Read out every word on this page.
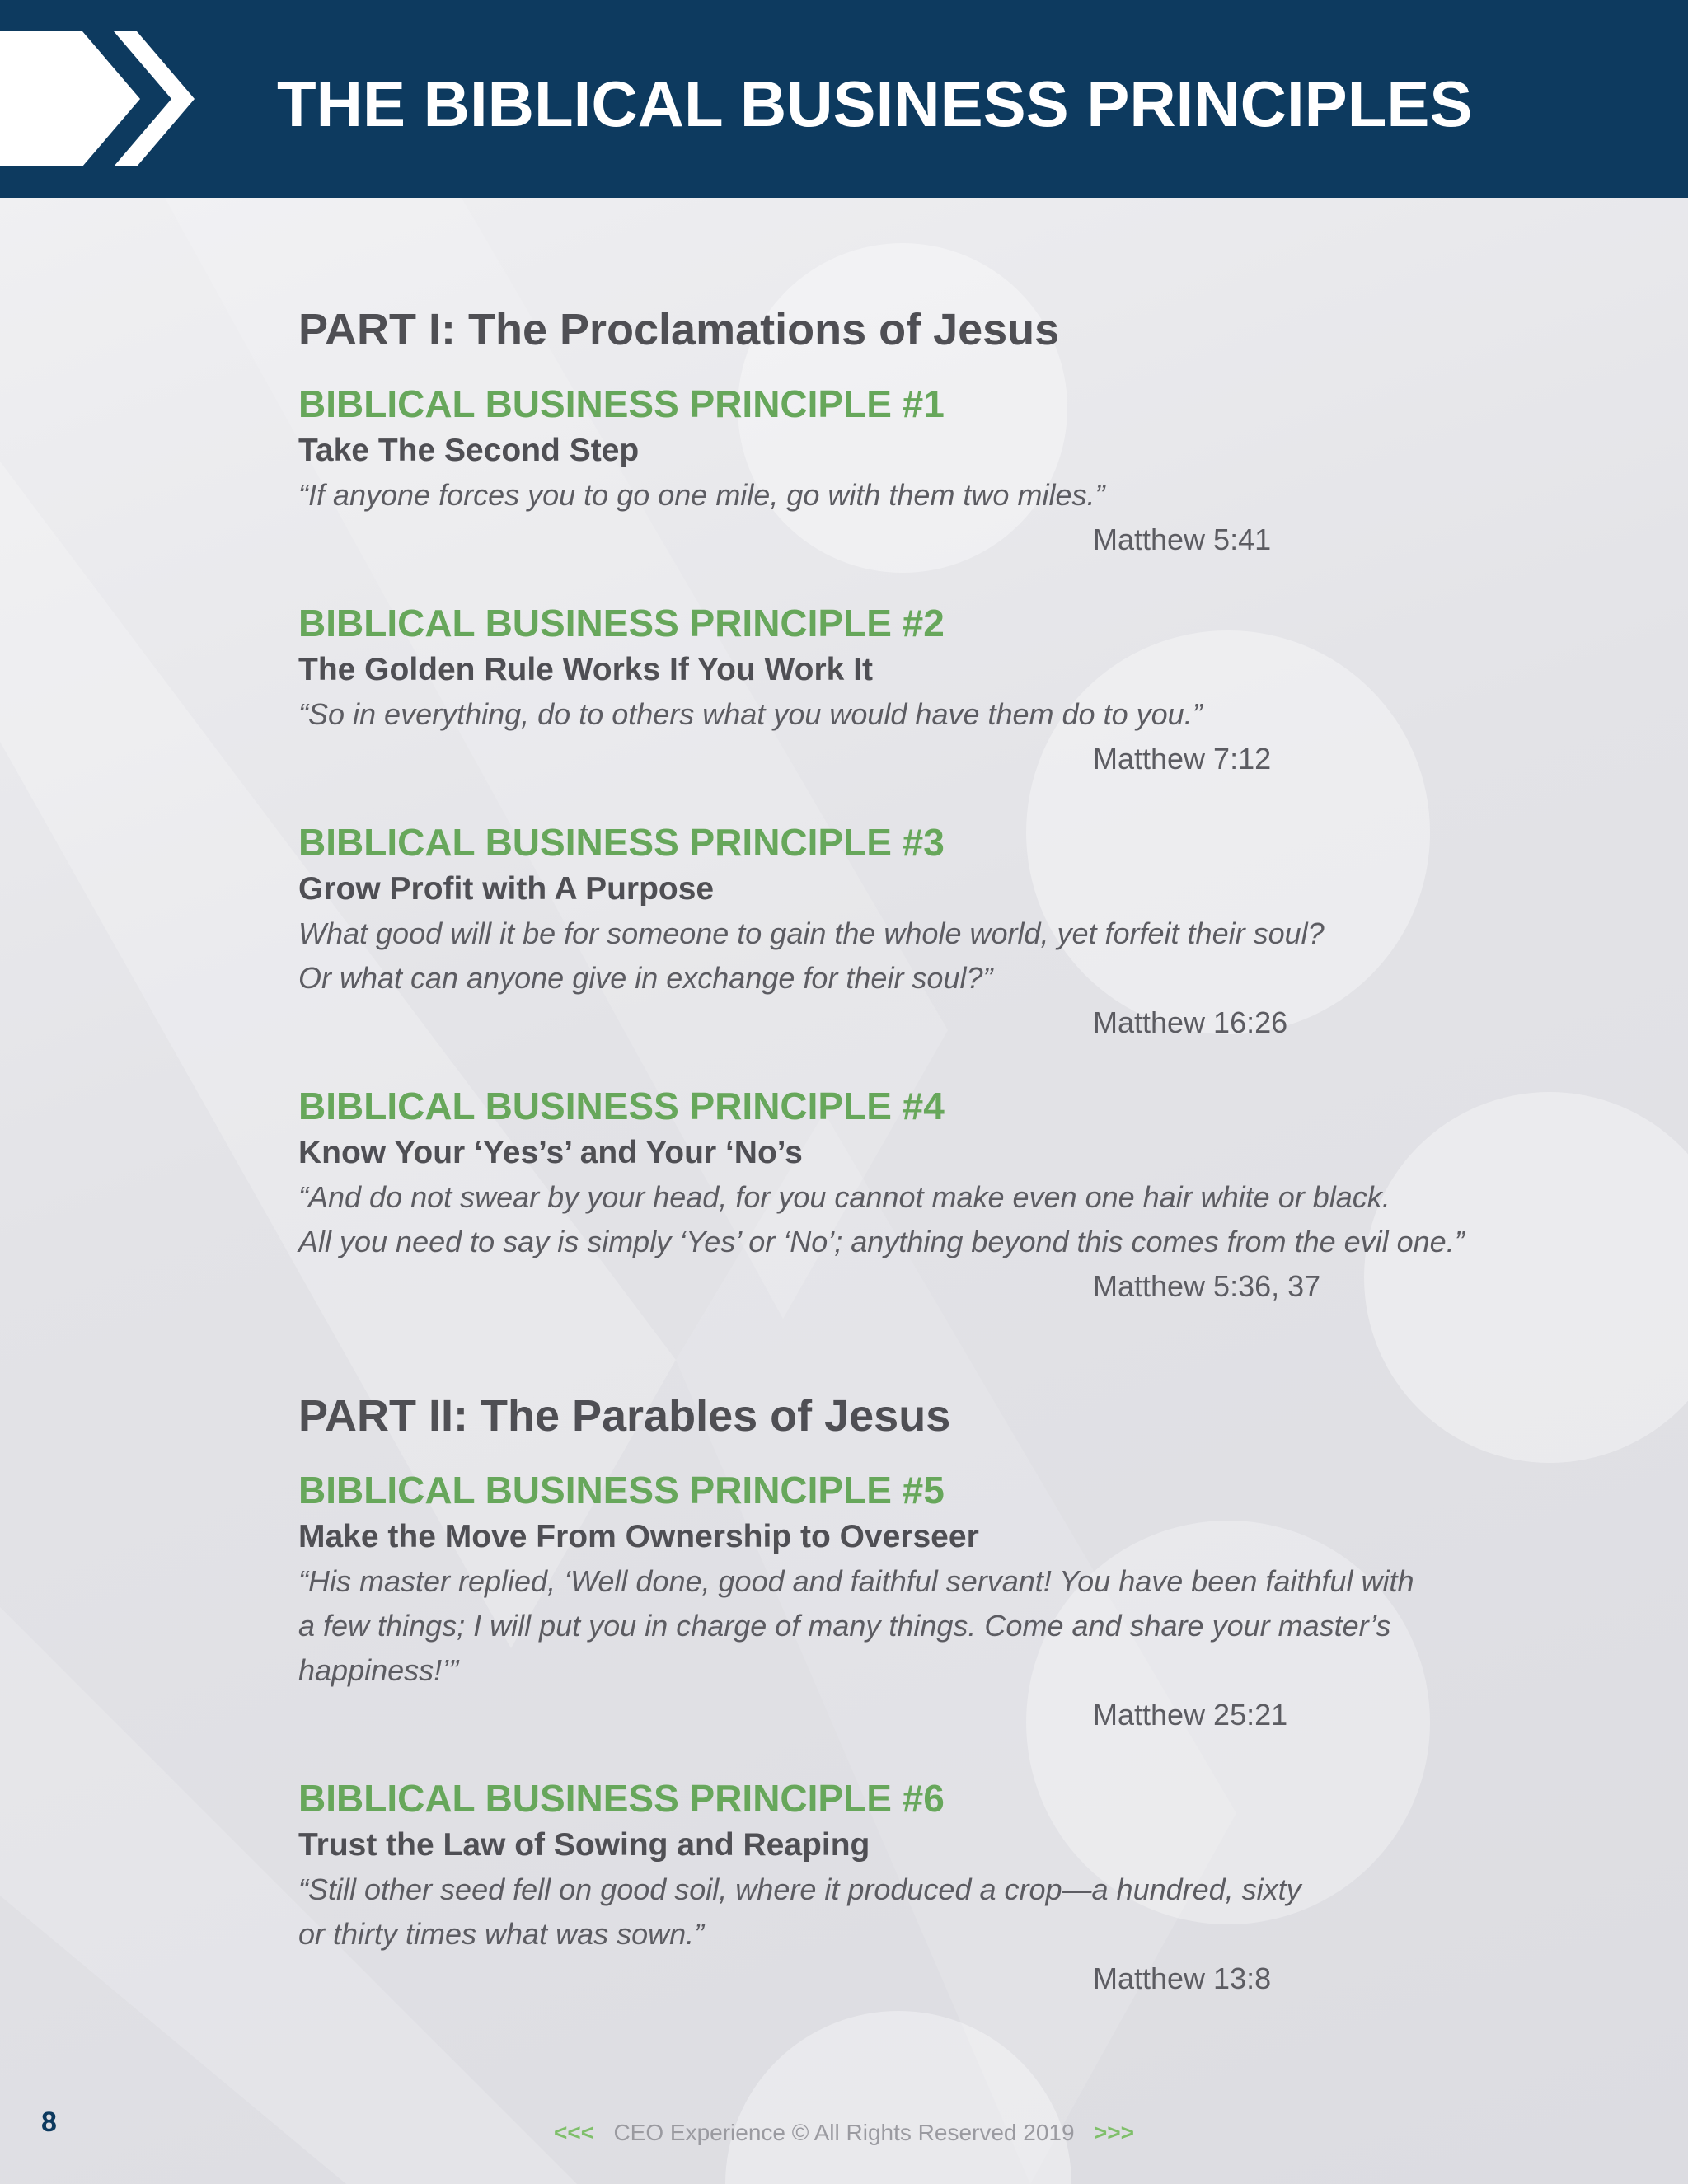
THE BIBLICAL BUSINESS PRINCIPLES
PART I: The Proclamations of Jesus
BIBLICAL BUSINESS PRINCIPLE #1

Take The Second Step

“If anyone forces you to go one mile, go with them two miles.”

Matthew 5:41

BIBLICAL BUSINESS PRINCIPLE #2

The Golden Rule Works If You Work It

“So in everything, do to others what you would have them do to you.”

Matthew 7:12

BIBLICAL BUSINESS PRINCIPLE #3

Grow Profit with A Purpose

What good will it be for someone to gain the whole world, yet forfeit their soul?
Or what can anyone give in exchange for their soul?”

Matthew 16:26

BIBLICAL BUSINESS PRINCIPLE #4

Know Your ‘Yes’s’ and Your ‘No’s

“And do not swear by your head, for you cannot make even one hair white or black.
All you need to say is simply ‘Yes’ or ‘No’; anything beyond this comes from the evil one.”

Matthew 5:36, 37

PART II: The Parables of Jesus
BIBLICAL BUSINESS PRINCIPLE #5

Make the Move From Ownership to Overseer

“His master replied, ‘Well done, good and faithful servant! You have been faithful with
a few things; I will put you in charge of many things. Come and share your master’s
happiness!’”

Matthew 25:21

BIBLICAL BUSINESS PRINCIPLE #6

Trust the Law of Sowing and Reaping

“Still other seed fell on good soil, where it produced a crop—a hundred, sixty
or thirty times what was sown.”

Matthew 13:8

8	<<< CEO Experience © All Rights Reserved 2019 >>>
